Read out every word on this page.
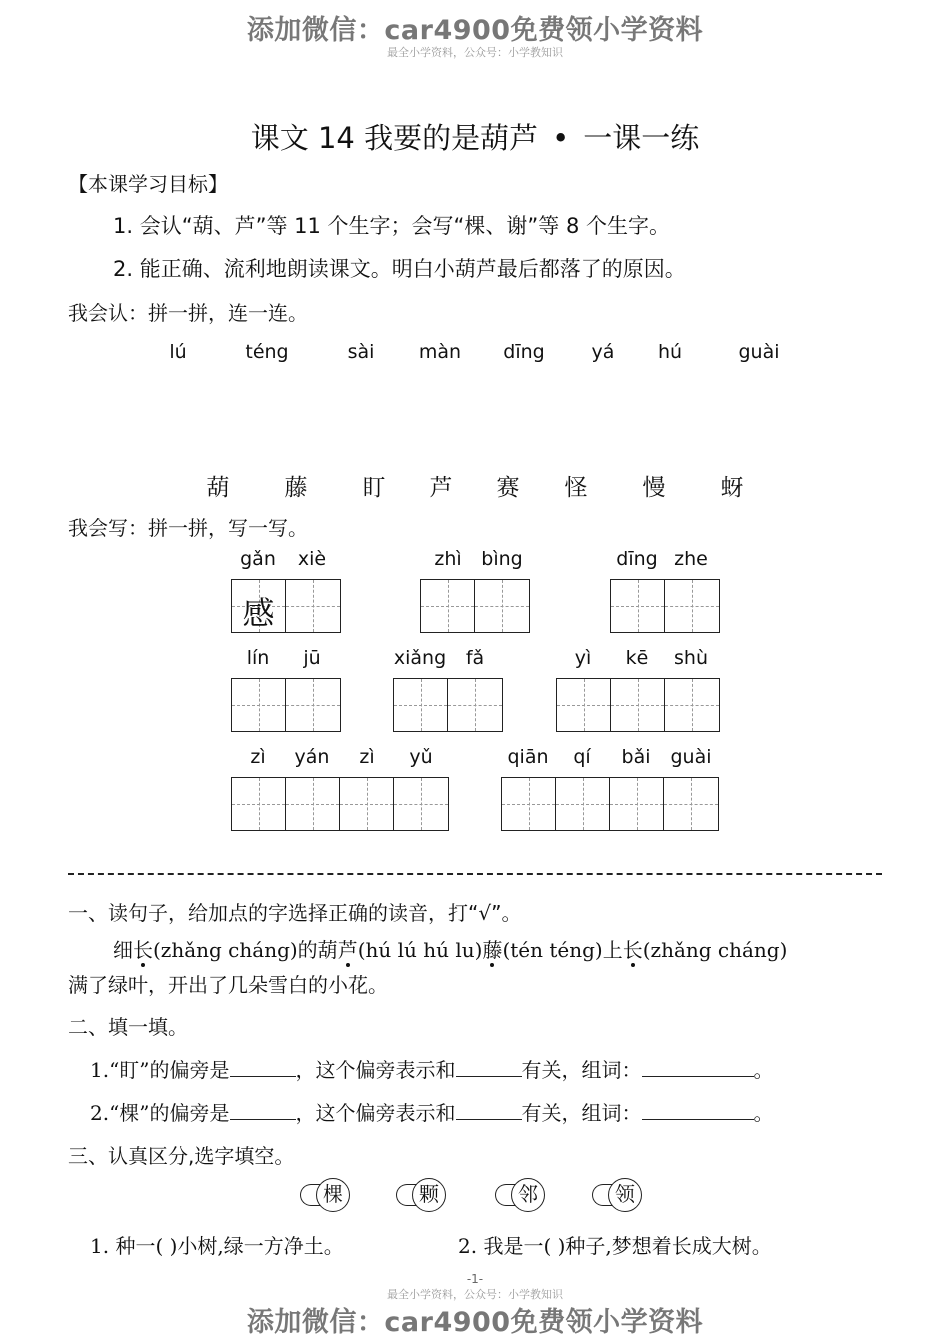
添加微信：car4900免费领小学资料
最全小学资料，公众号：小学教知识
课文 14 我要的是葫芦 • 一课一练
【本课学习目标】
1. 会认“葫、芦”等 11 个生字；会写“棵、谢”等 8 个生字。
2. 能正确、流利地朗读课文。明白小葫芦最后都落了的原因。
我会认：拼一拼，连一连。
lú	téng	sài màn dīng yá hú	guài
葫 藤 盯 芦 赛 怪 慢 蚜
我会写：拼一拼，写一写。
gǎn xiè	zhì bìng	dīng zhe
感
lín jū	xiǎng fǎ	yì kē shù
zì yán zì yǔ	qiān qí bǎi guài
一、读句子，给加点的字选择正确的读音，打“√”。
细长(zhǎng cháng)的葫芦(hú lú hú lu)藤(tén téng)上长(zhǎng cháng)
满了绿叶，开出了几朵雪白的小花。
二、填一填。
1.“盯”的偏旁是	，这个偏旁表示和	有关，组词：	。
2.“棵”的偏旁是	，这个偏旁表示和	有关，组词：	。
三、认真区分,选字填空。
棵	颗	邻	领
1. 种一( )小树,绿一方净土。	2. 我是一( )种子,梦想着长成大树。
-1-
最全小学资料，公众号：小学教知识
添加微信：car4900免费领小学资料
